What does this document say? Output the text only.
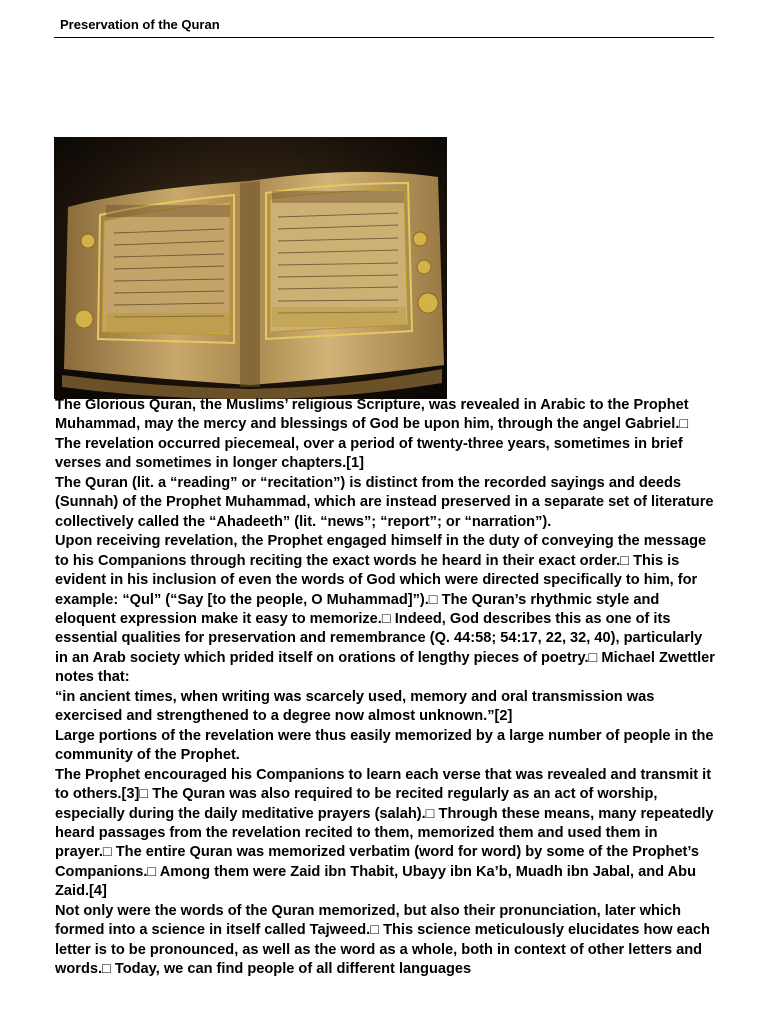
Preservation of the Quran

The Glorious Quran, the Muslims’ religious Scripture, was revealed in Arabic to the Prophet Muhammad, may the mercy and blessings of God be upon him, through the angel Gabriel.□ The revelation occurred piecemeal, over a period of twenty-three years, sometimes in brief verses and sometimes in longer chapters.[1]

The Quran (lit. a “reading” or “recitation”) is distinct from the recorded sayings and deeds (Sunnah) of the Prophet Muhammad, which are instead preserved in a separate set of literature collectively called the “Ahadeeth” (lit. “news”; “report”; or “narration”).

Upon receiving revelation, the Prophet engaged himself in the duty of conveying the message to his Companions through reciting the exact words he heard in their exact order.□ This is evident in his inclusion of even the words of God which were directed specifically to him, for example: “Qul” (“Say [to the people, O Muhammad]”).□ The Quran’s rhythmic style and eloquent expression make it easy to memorize.□ Indeed, God describes this as one of its essential qualities for preservation and remembrance (Q. 44:58; 54:17, 22, 32, 40), particularly in an Arab society which prided itself on orations of lengthy pieces of poetry.□ Michael Zwettler notes that:

“in ancient times, when writing was scarcely used, memory and oral transmission was exercised and strengthened to a degree now almost unknown.”[2]

Large portions of the revelation were thus easily memorized by a large number of people in the community of the Prophet.

The Prophet encouraged his Companions to learn each verse that was revealed and transmit it to others.[3]□ The Quran was also required to be recited regularly as an act of worship, especially during the daily meditative prayers (salah).□ Through these means, many repeatedly heard passages from the revelation recited to them, memorized them and used them in prayer.□ The entire Quran was memorized verbatim (word for word) by some of the Prophet’s Companions.□ Among them were Zaid ibn Thabit, Ubayy ibn Ka’b, Muadh ibn Jabal, and Abu Zaid.[4]

Not only were the words of the Quran memorized, but also their pronunciation, later which formed into a science in itself called Tajweed.□ This science meticulously elucidates how each letter is to be pronounced, as well as the word as a whole, both in context of other letters and words.□ Today, we can find people of all different languages
